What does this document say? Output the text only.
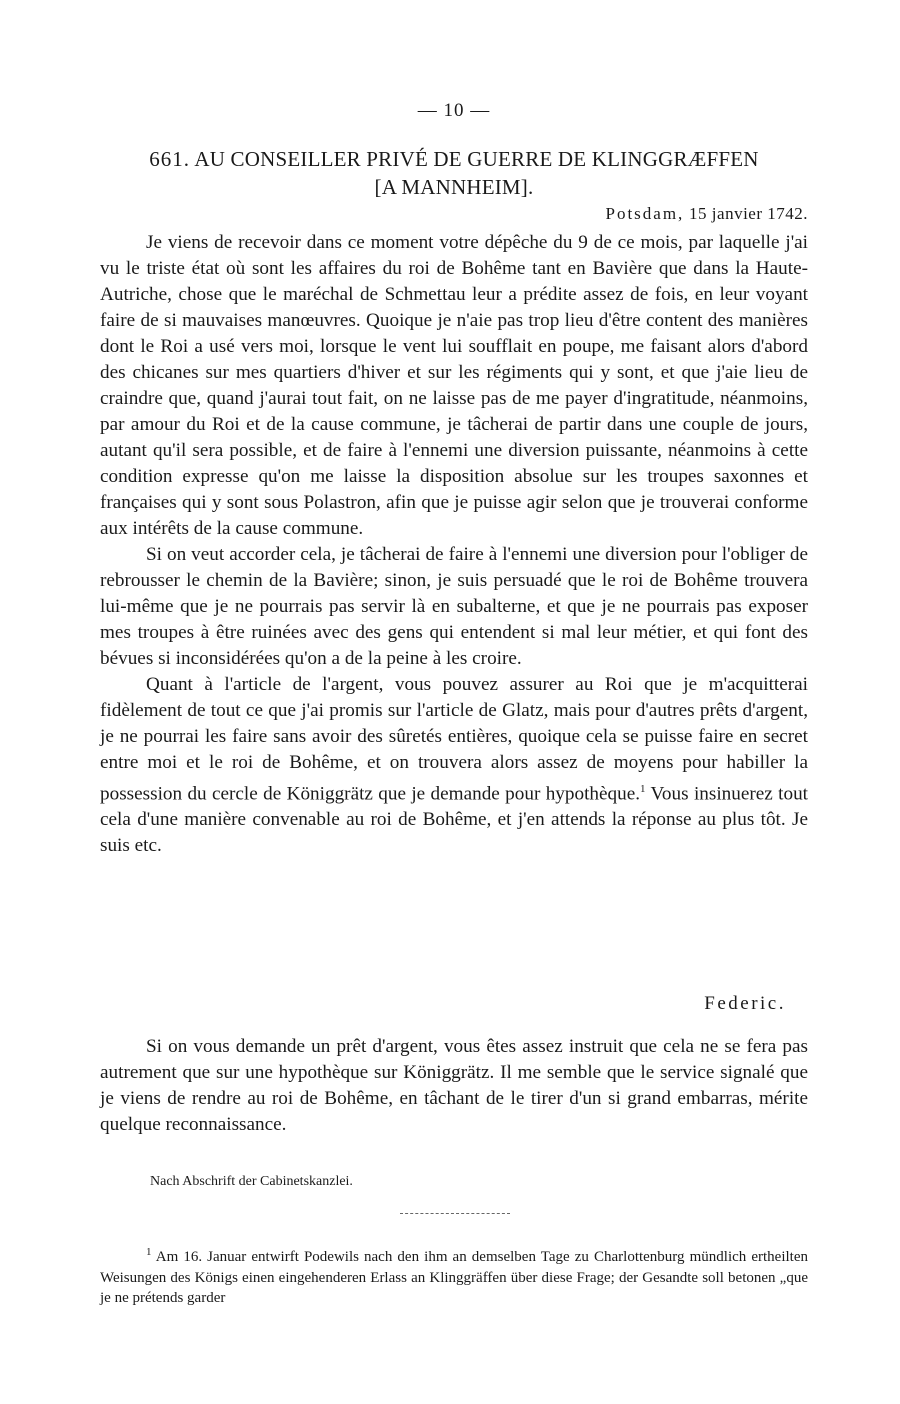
— 10 —
661. AU CONSEILLER PRIVÉ DE GUERRE DE KLINGGRÆFFEN
[A MANNHEIM].
Potsdam, 15 janvier 1742.

Je viens de recevoir dans ce moment votre dépêche du 9 de ce mois, par laquelle j'ai vu le triste état où sont les affaires du roi de Bohême tant en Bavière que dans la Haute-Autriche, chose que le maréchal de Schmettau leur a prédite assez de fois, en leur voyant faire de si mauvaises manœuvres. Quoique je n'aie pas trop lieu d'être content des manières dont le Roi a usé vers moi, lorsque le vent lui soufflait en poupe, me faisant alors d'abord des chicanes sur mes quartiers d'hiver et sur les régiments qui y sont, et que j'aie lieu de craindre que, quand j'aurai tout fait, on ne laisse pas de me payer d'ingratitude, néanmoins, par amour du Roi et de la cause commune, je tâcherai de partir dans une couple de jours, autant qu'il sera possible, et de faire à l'ennemi une diversion puissante, néanmoins à cette condition expresse qu'on me laisse la disposition absolue sur les troupes saxonnes et françaises qui y sont sous Polastron, afin que je puisse agir selon que je trouverai conforme aux intérêts de la cause commune.

Si on veut accorder cela, je tâcherai de faire à l'ennemi une diversion pour l'obliger de rebrousser le chemin de la Bavière; sinon, je suis persuadé que le roi de Bohême trouvera lui-même que je ne pourrais pas servir là en subalterne, et que je ne pourrais pas exposer mes troupes à être ruinées avec des gens qui entendent si mal leur métier, et qui font des bévues si inconsidérées qu'on a de la peine à les croire.

Quant à l'article de l'argent, vous pouvez assurer au Roi que je m'acquitterai fidèlement de tout ce que j'ai promis sur l'article de Glatz, mais pour d'autres prêts d'argent, je ne pourrai les faire sans avoir des sûretés entières, quoique cela se puisse faire en secret entre moi et le roi de Bohême, et on trouvera alors assez de moyens pour habiller la possession du cercle de Königgrätz que je demande pour hypothèque.$^1$ Vous insinuerez tout cela d'une manière convenable au roi de Bohême, et j'en attends la réponse au plus tôt. Je suis etc.

Federic.

Si on vous demande un prêt d'argent, vous êtes assez instruit que cela ne se fera pas autrement que sur une hypothèque sur Königgrätz. Il me semble que le service signalé que je viens de rendre au roi de Bohême, en tâchant de le tirer d'un si grand embarras, mérite quelque reconnaissance.

Nach Abschrift der Cabinetskanzlei.

$^1$ Am 16. Januar entwirft Podewils nach den ihm an demselben Tage zu Charlottenburg mündlich ertheilten Weisungen des Königs einen eingehenderen Erlass an Klinggräffen über diese Frage; der Gesandte soll betonen „que je ne prétends garder
